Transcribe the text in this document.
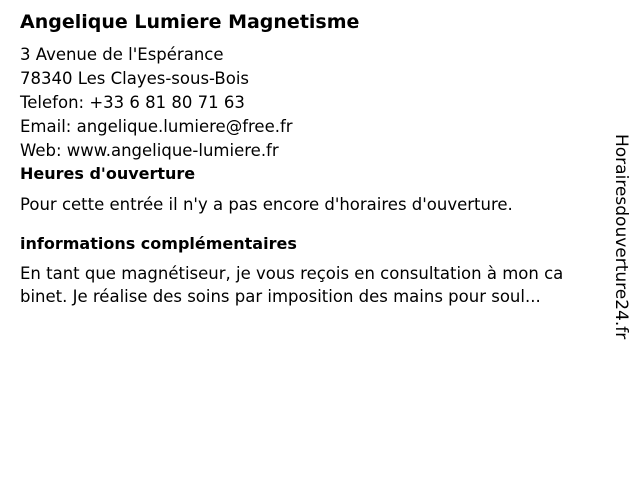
Angelique Lumiere Magnetisme
3 Avenue de l'Espérance
78340 Les Clayes-sous-Bois
Telefon: +33 6 81 80 71 63
Email: angelique.lumiere@free.fr
Web: www.angelique-lumiere.fr
Heures d'ouverture

Pour cette entrée il n'y a pas encore d'horaires d'ouverture.

informations complémentaires

En tant que magnétiseur, je vous reçois en consultation à mon ca

binet. Je réalise des soins par imposition des mains pour soul...	Horairesdouverture24.fr
